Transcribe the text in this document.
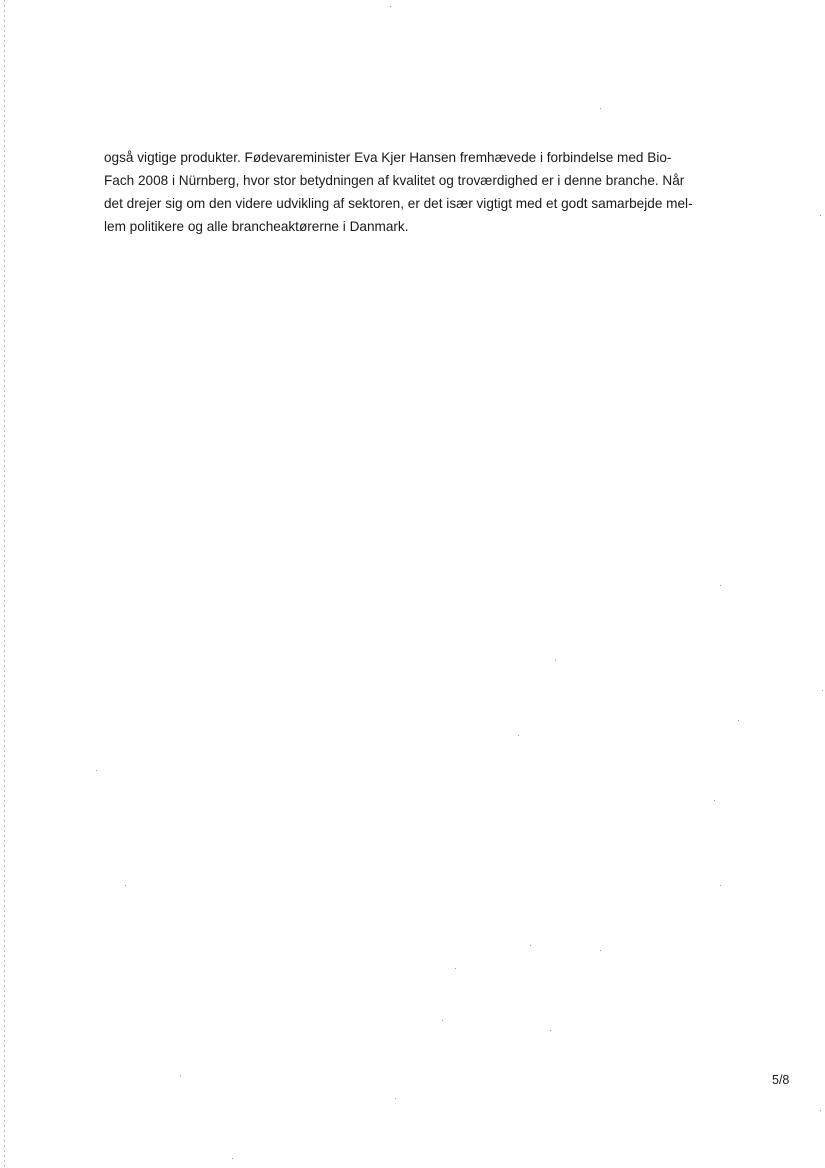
også vigtige produkter. Fødevareminister Eva Kjer Hansen fremhævede i forbindelse med Bio-
Fach 2008 i Nürnberg, hvor stor betydningen af kvalitet og troværdighed er i denne branche. Når
det drejer sig om den videre udvikling af sektoren, er det især vigtigt med et godt samarbejde mel-
lem politikere og alle brancheaktørerne i Danmark.

5/8
